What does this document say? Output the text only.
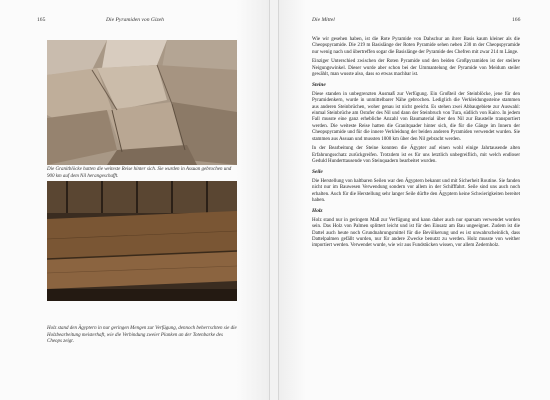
165	Die Pyramiden von Gizeh
Die Granitblöcke hatten die weiteste Reise hinter sich. Sie wurden in Assuan gebrochen und 900 km auf dem Nil herangeschafft.
Holz stand den Ägyptern in nur geringen Mengen zur Verfügung, dennoch beherrschten sie die Holzbearbeitung meisterhaft, wie die Verbindung zweier Planken an der Totenbarke des Cheops zeigt.
Die Mittel	166

Wie wir gesehen haben, ist die Rote Pyramide von Dahschur an ihrer Basis kaum kleiner als die Cheopspyramide. Die 219 m Basislänge der Roten Pyramide sehen neben 230 m der Cheopspyramide nur wenig nach und übertreffen sogar die Basislänge der Pyramide des Chefren mit zwar 214 m Länge.

Einziger Unterschied zwischen der Roten Pyramide und den beiden Großpyramiden ist der steilere Neigungswinkel. Dieser wurde aber schon bei der Ummantelung der Pyramide von Meidum steiler gewählt, man wusste also, dass so etwas machbar ist.

Steine

Diese standen in unbegrenzten Ausmaß zur Verfügung. Ein Großteil der Steinblöcke, jene für den Pyramidenkern, wurde in unmittelbarer Nähe gebrochen. Lediglich die Verkleidungssteine stammen aus anderen Steinbrüchen, woher genau ist nicht geeicht. Es stehen zwei Abbaugebiete zur Auswahl: einmal Steinbrüche am Ostufer des Nil und dann der Steinbruch von Tura, südlich von Kairo. In jedem Fall musste eine ganz erhebliche Anzahl von Baumaterial über den Nil zur Baustelle transportiert werden. Die weiteste Reise hatten die Granitquader hinter sich, die für die Gänge im Innern der Cheopspyramide und für die innere Verkleidung der beiden anderen Pyramiden verwendet wurden. Sie stammen aus Assuan und mussten 1000 km über den Nil gebracht werden.

In der Bearbeitung der Steine konnten die Ägypter auf einen wohl einige Jahrtausende alten Erfahrungsschatz zurückgreifen. Trotzdem ist es für uns letztlich unbegreiflich, mit welch endloser Geduld Hunderttausende von Steinquadern bearbeitet wurden.

Seile

Die Herstellung von haltbaren Seilen war den Ägyptern bekannt und mit Sicherheit Routine. Sie fanden nicht nur im Bauwesen Verwendung sondern vor allem in der Schifffahrt. Seile sind uns auch noch erhalten. Auch für die Herstellung sehr langer Seile dürfte den Ägyptern keine Schwierigkeiten bereitet haben.

Holz

Holz stand nur in geringem Maß zur Verfügung und kann daher auch nur sparsam verwendet worden sein. Das Holz von Palmen splittert leicht und ist für den Einsatz am Bau ungeeignet. Zudem ist die Dattel auch heute noch Grundnahrungsmittel für die Bevölkerung und es ist unwahrscheinlich, dass Dattelpalmen gefällt wurden, nur für andere Zwecke benutzt zu werden. Holz musste von weither importiert werden. Verwendet wurde, wie wir aus Fundstücken wissen, vor allem Zedernholz.
